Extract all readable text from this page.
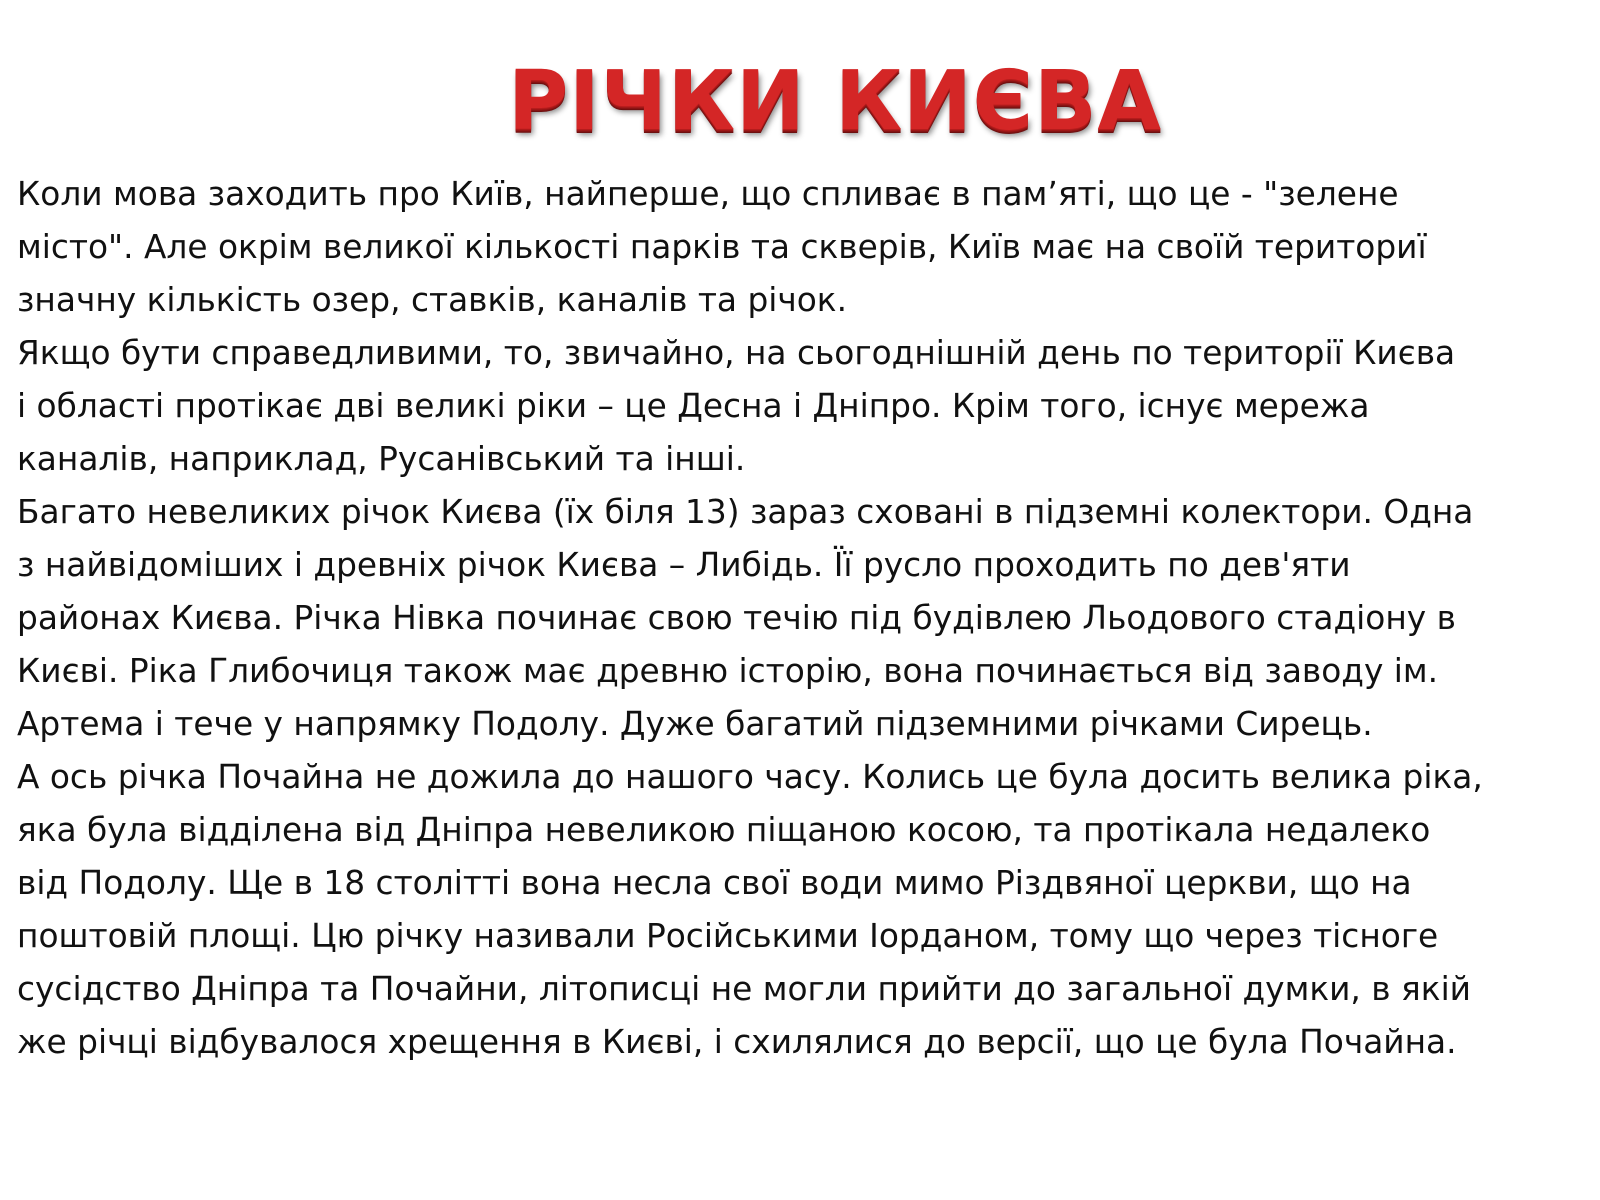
РІЧКИ КИЄВА
Коли мова заходить про Київ, найперше, що спливає в пам’яті, що це - "зелене
місто". Але окрім великої кількості парків та скверів, Київ має на своїй териториї
значну кількість озер, ставків, каналів та річок.
Якщо бути справедливими, то, звичайно, на сьогоднішній день по території Києва
і області протікає дві великі ріки – це Десна і Дніпро. Крім того, існує мережа
каналів, наприклад, Русанівський та інші.
Багато невеликих річок Києва (їх біля 13) зараз сховані в підземні колектори. Одна
з найвідоміших і древніх річок Києва – Либідь. Її русло проходить по дев'яти
районах Києва. Річка Нівка починає свою течію під будівлею Льодового стадіону в
Києві. Ріка Глибочиця також має древню історію, вона починається від заводу ім.
Артема і тече у напрямку Подолу. Дуже багатий підземними річками Сирець.
А ось річка Почайна не дожила до нашого часу. Колись це була досить велика ріка,
яка була відділена від Дніпра невеликою піщаною косою, та протікала недалеко
від Подолу. Ще в 18 столітті вона несла свої води мимо Різдвяної церкви, що на
поштовій площі. Цю річку називали Російськими Іорданом, тому що через тісноге
сусідство Дніпра та Почайни, літописці не могли прийти до загальної думки, в якій
же річці відбувалося хрещення в Києві, і схилялися до версії, що це була Почайна.
